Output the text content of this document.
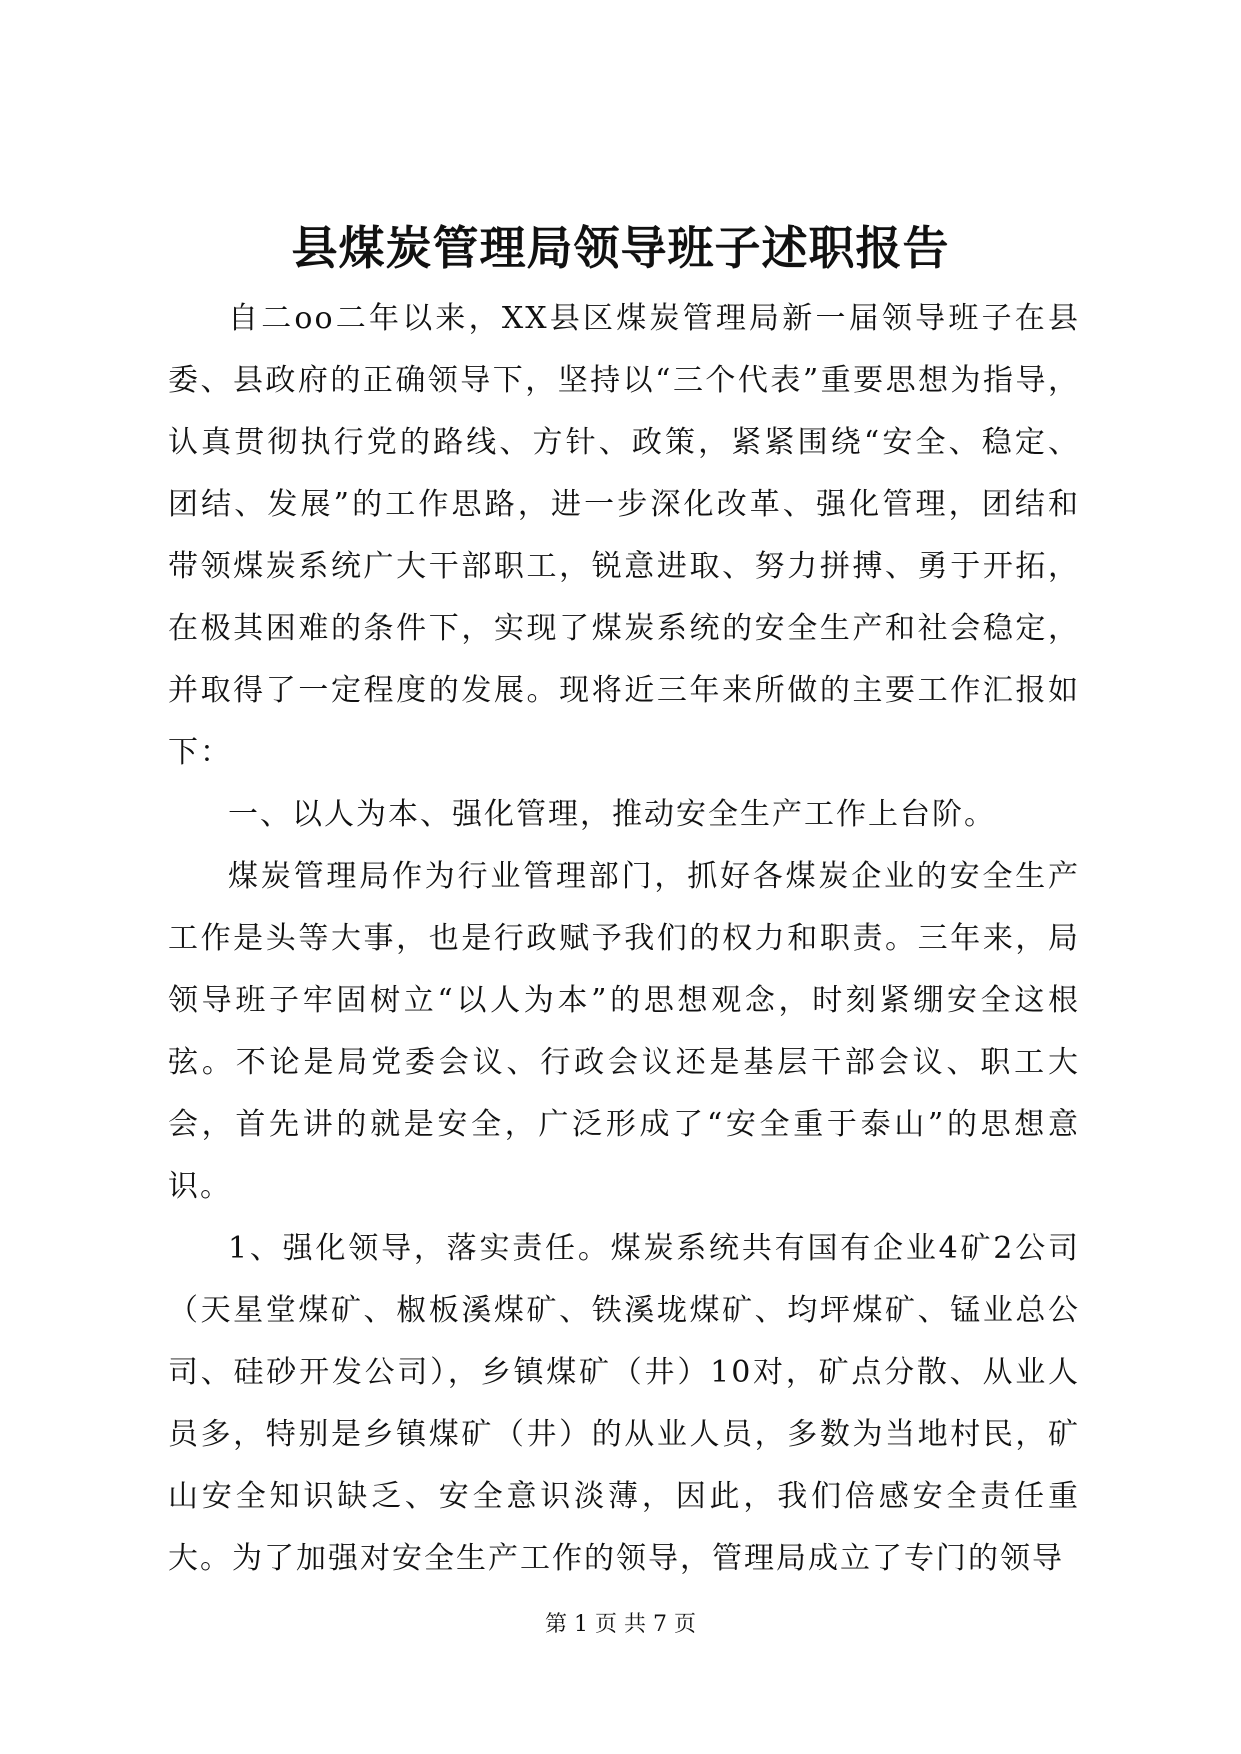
县煤炭管理局领导班子述职报告

自二oo二年以来，XX县区煤炭管理局新一届领导班子在县委、县政府的正确领导下，坚持以“三个代表”重要思想为指导，认真贯彻执行党的路线、方针、政策，紧紧围绕“安全、稳定、团结、发展”的工作思路，进一步深化改革、强化管理，团结和带领煤炭系统广大干部职工，锐意进取、努力拼搏、勇于开拓，在极其困难的条件下，实现了煤炭系统的安全生产和社会稳定，并取得了一定程度的发展。现将近三年来所做的主要工作汇报如下：

一、以人为本、强化管理，推动安全生产工作上台阶。

煤炭管理局作为行业管理部门，抓好各煤炭企业的安全生产工作是头等大事，也是行政赋予我们的权力和职责。三年来，局领导班子牢固树立“以人为本”的思想观念，时刻紧绷安全这根弦。不论是局党委会议、行政会议还是基层干部会议、职工大会，首先讲的就是安全，广泛形成了“安全重于泰山”的思想意识。

1、强化领导，落实责任。煤炭系统共有国有企业4矿2公司（天星堂煤矿、椒板溪煤矿、铁溪垅煤矿、均坪煤矿、锰业总公司、硅砂开发公司），乡镇煤矿（井）10对，矿点分散、从业人员多，特别是乡镇煤矿（井）的从业人员，多数为当地村民，矿山安全知识缺乏、安全意识淡薄，因此，我们倍感安全责任重大。为了加强对安全生产工作的领导，管理局成立了专门的领导

第 1 页 共 7 页
